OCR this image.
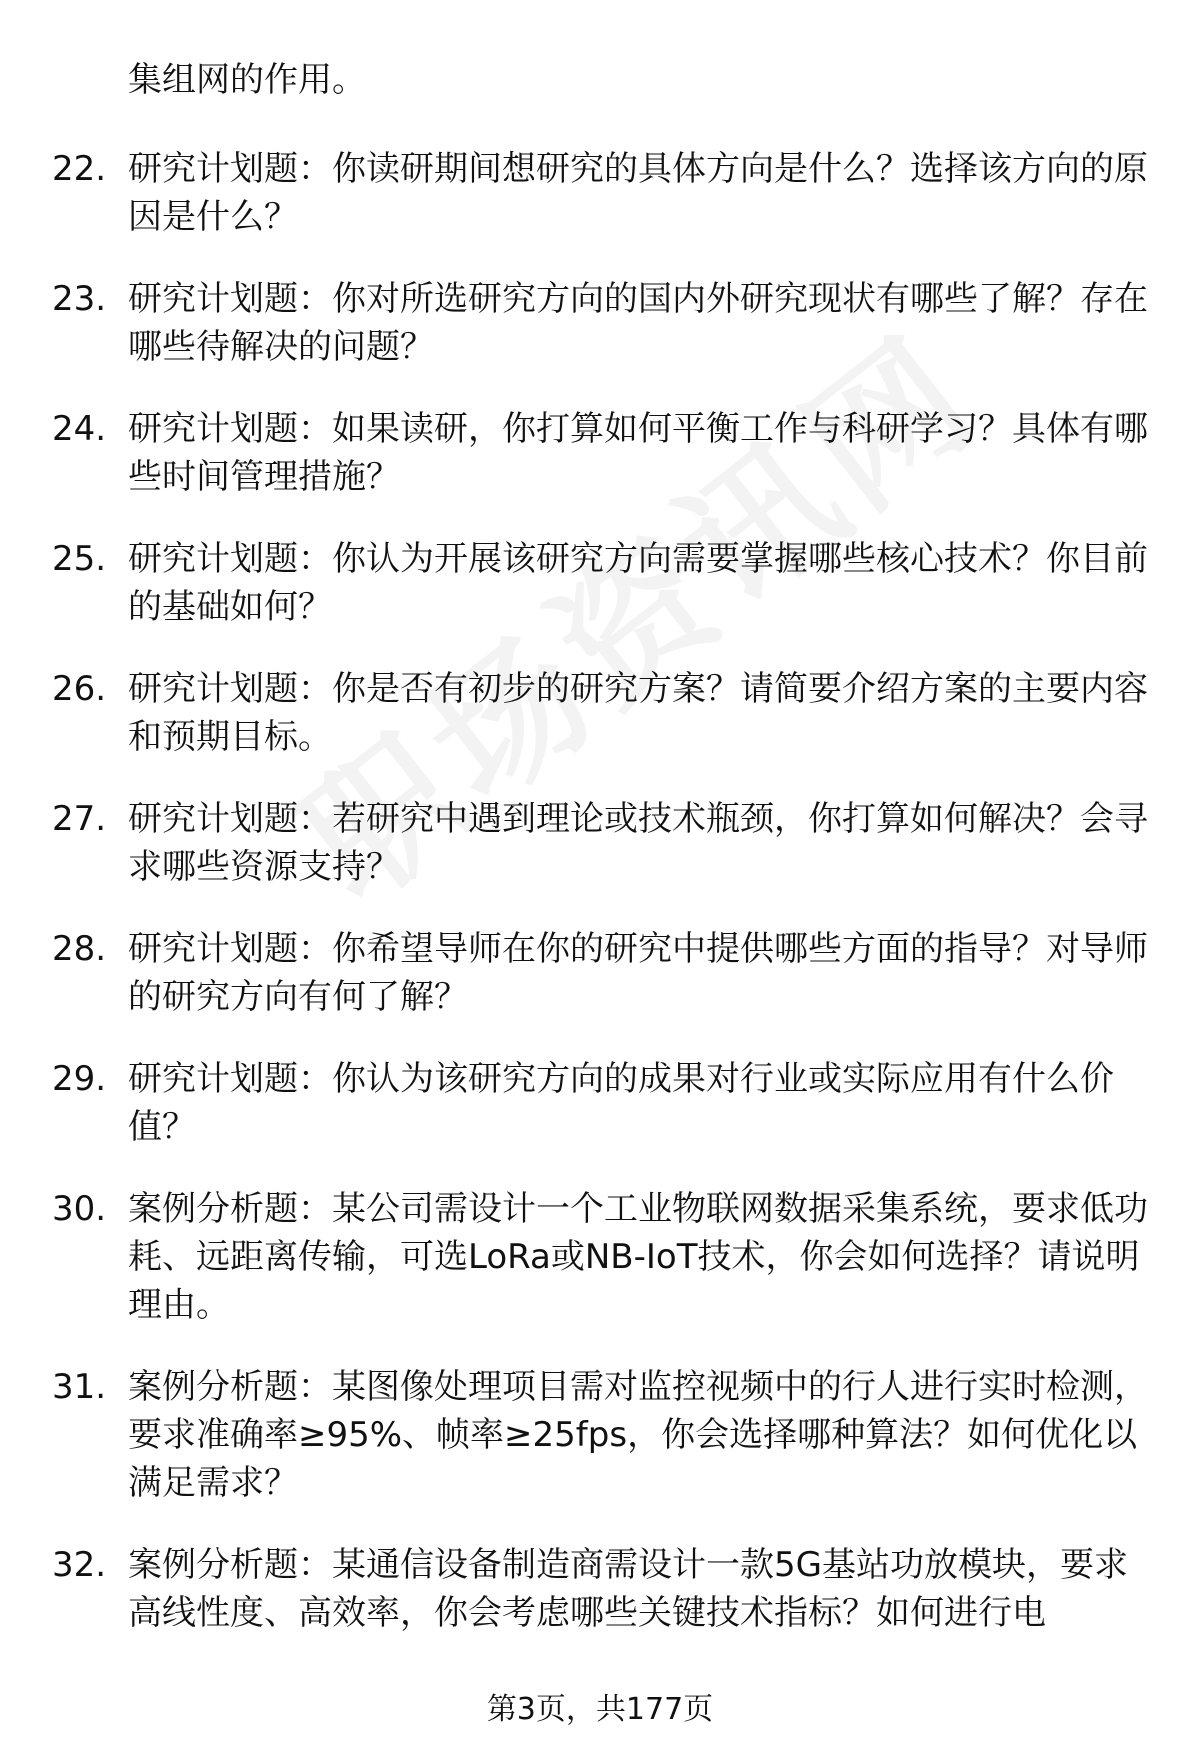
集组网的作用。

22. 研究计划题：你读研期间想研究的具体方向是什么？选择该方向的原因是什么？
23. 研究计划题：你对所选研究方向的国内外研究现状有哪些了解？存在哪些待解决的问题？
24. 研究计划题：如果读研，你打算如何平衡工作与科研学习？具体有哪些时间管理措施？
25. 研究计划题：你认为开展该研究方向需要掌握哪些核心技术？你目前的基础如何？
26. 研究计划题：你是否有初步的研究方案？请简要介绍方案的主要内容和预期目标。
27. 研究计划题：若研究中遇到理论或技术瓶颈，你打算如何解决？会寻求哪些资源支持？
28. 研究计划题：你希望导师在你的研究中提供哪些方面的指导？对导师的研究方向有何了解？
29. 研究计划题：你认为该研究方向的成果对行业或实际应用有什么价值？
30. 案例分析题：某公司需设计一个工业物联网数据采集系统，要求低功耗、远距离传输，可选LoRa或NB-IoT技术，你会如何选择？请说明理由。
31. 案例分析题：某图像处理项目需对监控视频中的行人进行实时检测，要求准确率≥95%、帧率≥25fps，你会选择哪种算法？如何优化以满足需求？
32. 案例分析题：某通信设备制造商需设计一款5G基站功放模块，要求高线性度、高效率，你会考虑哪些关键技术指标？如何进行电
第3页，共177页
